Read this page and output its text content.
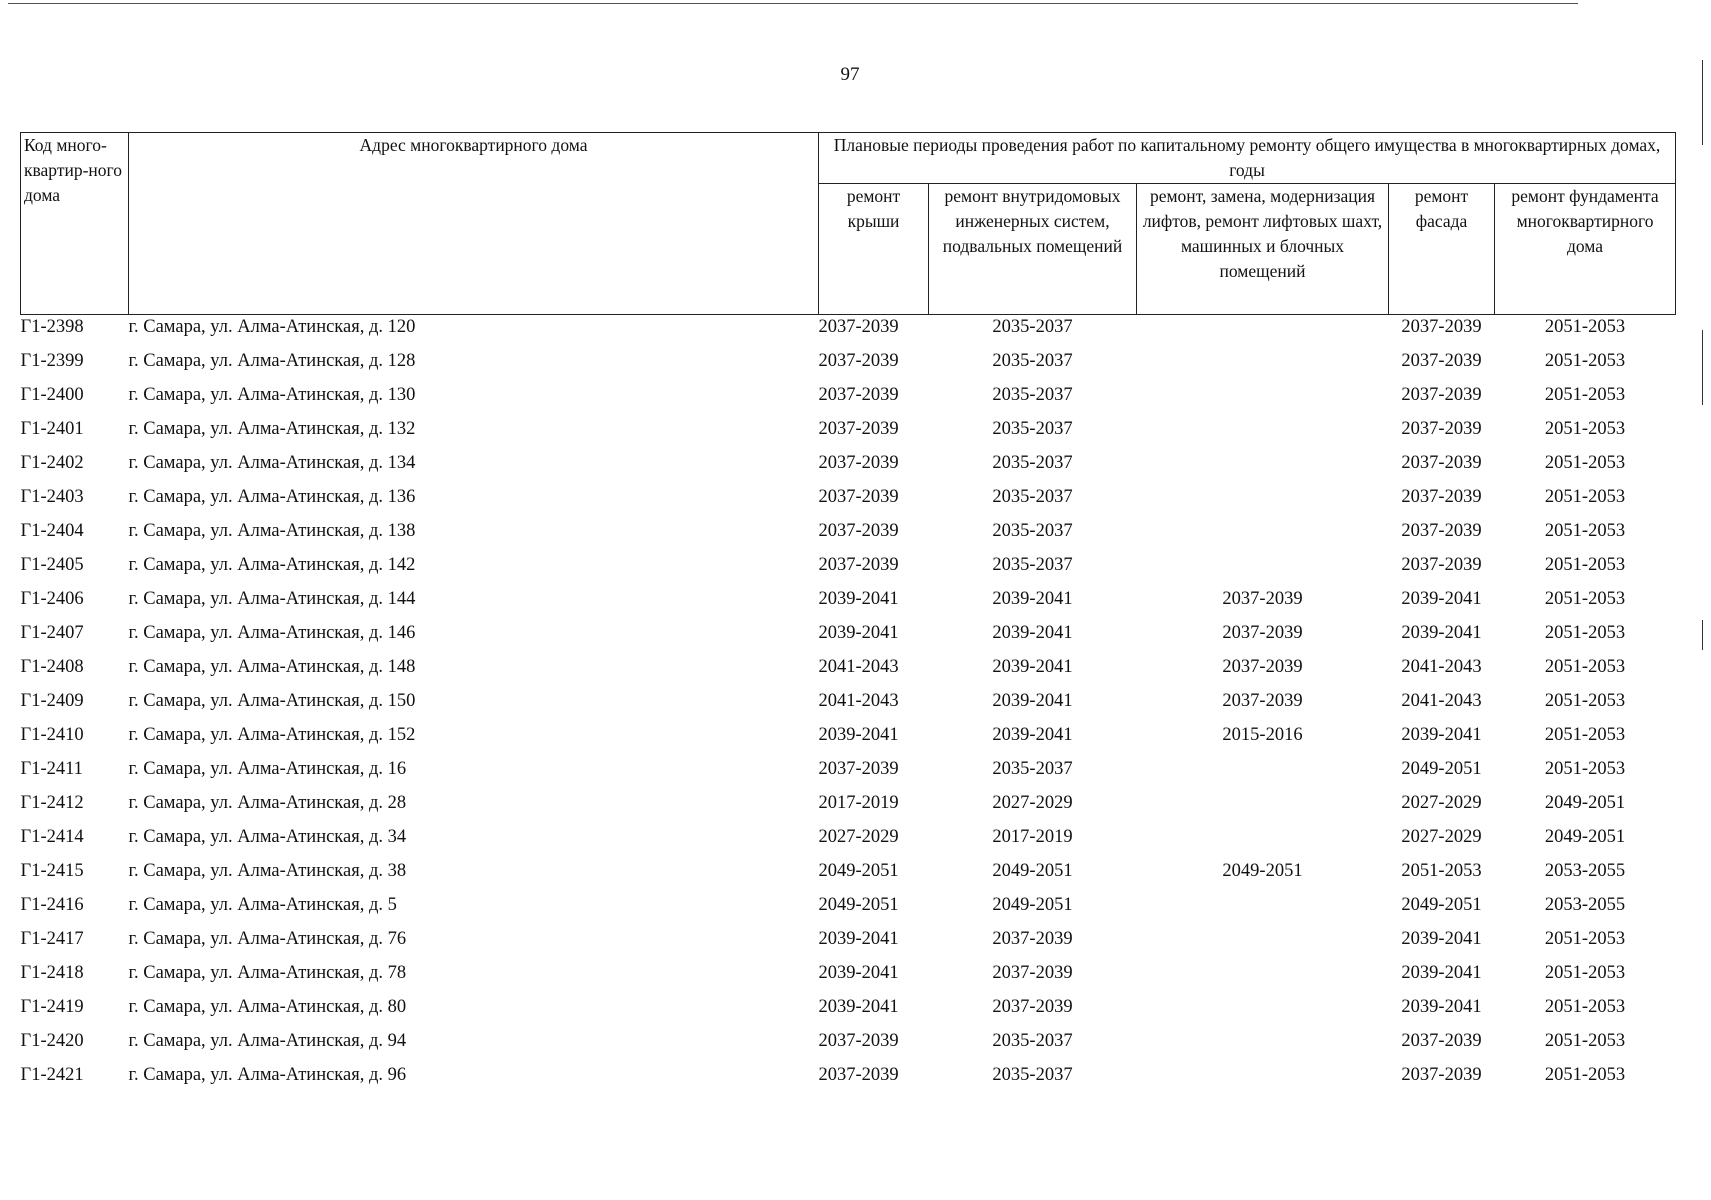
97
Код много-квартир-ного дома	Адрес многоквартирного дома	Плановые периоды проведения работ по капитальному ремонту общего имущества в многоквартирных домах, годы				
		ремонт крыши	ремонт внутридомовых инженерных систем, подвальных помещений	ремонт, замена, модернизация лифтов, ремонт лифтовых шахт, машинных и блочных помещений	ремонт фасада	ремонт фундамента многоквартирного дома
Г1-2398	г. Самара, ул. Алма-Атинская, д. 120	2037-2039	2035-2037		2037-2039	2051-2053
Г1-2399	г. Самара, ул. Алма-Атинская, д. 128	2037-2039	2035-2037		2037-2039	2051-2053
Г1-2400	г. Самара, ул. Алма-Атинская, д. 130	2037-2039	2035-2037		2037-2039	2051-2053
Г1-2401	г. Самара, ул. Алма-Атинская, д. 132	2037-2039	2035-2037		2037-2039	2051-2053
Г1-2402	г. Самара, ул. Алма-Атинская, д. 134	2037-2039	2035-2037		2037-2039	2051-2053
Г1-2403	г. Самара, ул. Алма-Атинская, д. 136	2037-2039	2035-2037		2037-2039	2051-2053
Г1-2404	г. Самара, ул. Алма-Атинская, д. 138	2037-2039	2035-2037		2037-2039	2051-2053
Г1-2405	г. Самара, ул. Алма-Атинская, д. 142	2037-2039	2035-2037		2037-2039	2051-2053
Г1-2406	г. Самара, ул. Алма-Атинская, д. 144	2039-2041	2039-2041	2037-2039	2039-2041	2051-2053
Г1-2407	г. Самара, ул. Алма-Атинская, д. 146	2039-2041	2039-2041	2037-2039	2039-2041	2051-2053
Г1-2408	г. Самара, ул. Алма-Атинская, д. 148	2041-2043	2039-2041	2037-2039	2041-2043	2051-2053
Г1-2409	г. Самара, ул. Алма-Атинская, д. 150	2041-2043	2039-2041	2037-2039	2041-2043	2051-2053
Г1-2410	г. Самара, ул. Алма-Атинская, д. 152	2039-2041	2039-2041	2015-2016	2039-2041	2051-2053
Г1-2411	г. Самара, ул. Алма-Атинская, д. 16	2037-2039	2035-2037		2049-2051	2051-2053
Г1-2412	г. Самара, ул. Алма-Атинская, д. 28	2017-2019	2027-2029		2027-2029	2049-2051
Г1-2414	г. Самара, ул. Алма-Атинская, д. 34	2027-2029	2017-2019		2027-2029	2049-2051
Г1-2415	г. Самара, ул. Алма-Атинская, д. 38	2049-2051	2049-2051	2049-2051	2051-2053	2053-2055
Г1-2416	г. Самара, ул. Алма-Атинская, д. 5	2049-2051	2049-2051		2049-2051	2053-2055
Г1-2417	г. Самара, ул. Алма-Атинская, д. 76	2039-2041	2037-2039		2039-2041	2051-2053
Г1-2418	г. Самара, ул. Алма-Атинская, д. 78	2039-2041	2037-2039		2039-2041	2051-2053
Г1-2419	г. Самара, ул. Алма-Атинская, д. 80	2039-2041	2037-2039		2039-2041	2051-2053
Г1-2420	г. Самара, ул. Алма-Атинская, д. 94	2037-2039	2035-2037		2037-2039	2051-2053
Г1-2421	г. Самара, ул. Алма-Атинская, д. 96	2037-2039	2035-2037		2037-2039	2051-2053
